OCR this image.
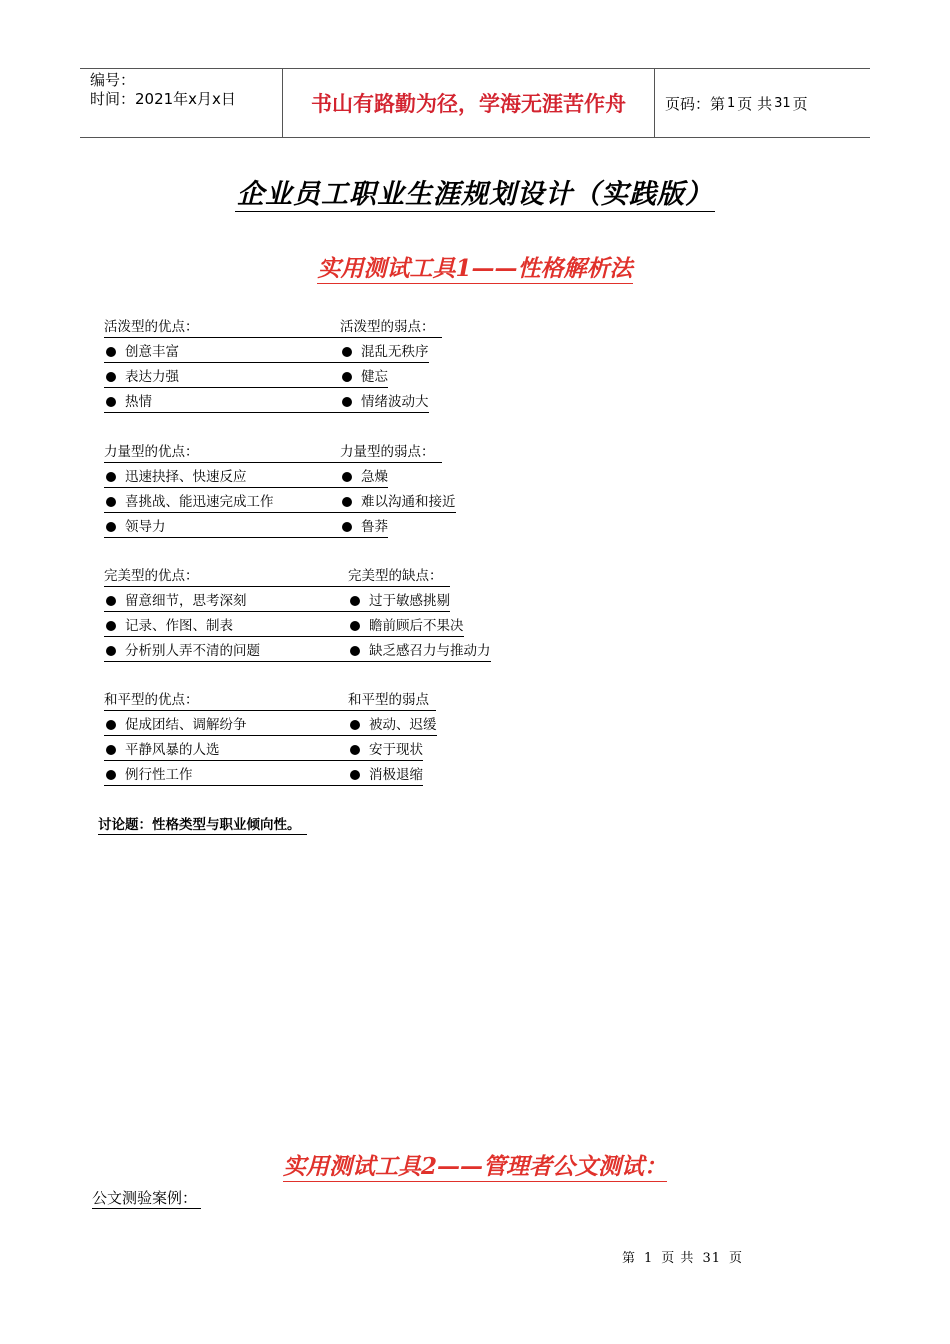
编号：
时间：2021年x月x日	书山有路勤为径，学海无涯苦作舟	页码：第 1 页 共 31 页
企业员工职业生涯规划设计（实践版）
实用测试工具1——性格解析法
活泼型的优点：	活泼型的弱点：
创意丰富	混乱无秩序
表达力强	健忘
热情	情绪波动大
力量型的优点：	力量型的弱点：
迅速抉择、快速反应	急燥
喜挑战、能迅速完成工作	难以沟通和接近
领导力	鲁莽
完美型的优点：	完美型的缺点：
留意细节，思考深刻	过于敏感挑剔
记录、作图、制表	瞻前顾后不果决
分析别人弄不清的问题	缺乏感召力与推动力
和平型的优点：	和平型的弱点
促成团结、调解纷争	被动、迟缓
平静风暴的人选	安于现状
例行性工作	消极退缩
讨论题：性格类型与职业倾向性。
实用测试工具2——管理者公文测试：
公文测验案例：
第 1 页 共 31 页
